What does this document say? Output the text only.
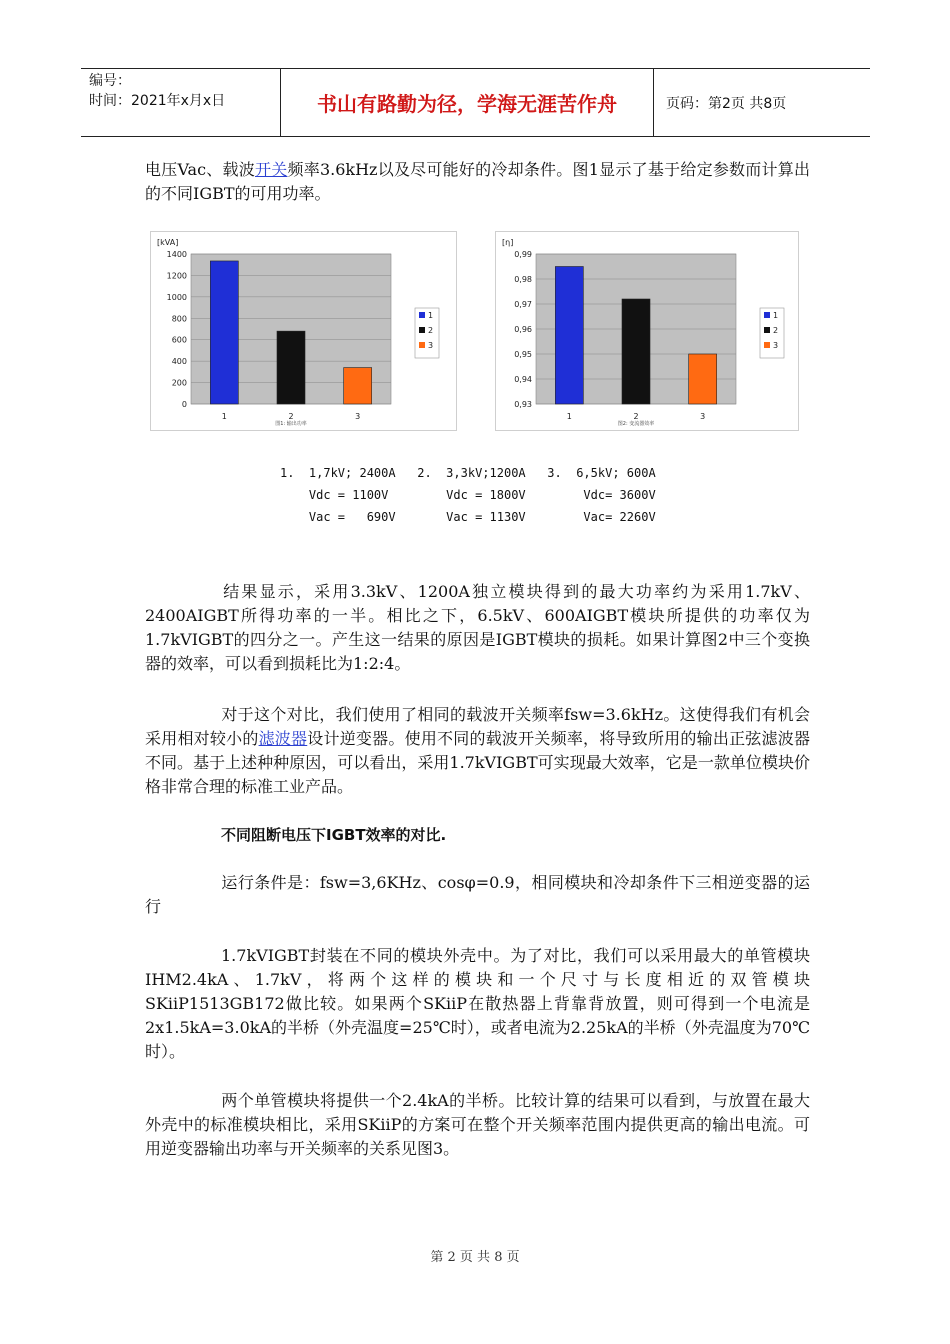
编号：
时间：2021年x月x日	书山有路勤为径，学海无涯苦作舟	页码：第2页 共8页

电压Vac、载波开关频率3.6kHz以及尽可能好的冷却条件。图1显示了基于给定参数而计算出的不同IGBT的可用功率。

[kVA]
0
200
400
600
800
1000
1200
1400
1	2	3
1
2
3
图1: 输出功率
[η]
0,93
0,94
0,95
0,96
0,97
0,98
0,99
1	2	3
1
2
3
图2: 变流器效率
1.  1,7kV; 2400A   2.  3,3kV;1200A   3.  6,5kV; 600A
Vdc = 1100V        Vdc = 1800V        Vdc= 3600V
Vac =   690V       Vac = 1130V        Vac= 2260V

结果显示，采用3.3kV、1200A独立模块得到的最大功率约为采用1.7kV、2400AIGBT所得功率的一半。相比之下，6.5kV、600AIGBT模块所提供的功率仅为1.7kVIGBT的四分之一。产生这一结果的原因是IGBT模块的损耗。如果计算图2中三个变换器的效率，可以看到损耗比为1:2:4。

对于这个对比，我们使用了相同的载波开关频率fsw=3.6kHz。这使得我们有机会采用相对较小的滤波器设计逆变器。使用不同的载波开关频率，将导致所用的输出正弦滤波器不同。基于上述种种原因，可以看出，采用1.7kVIGBT可实现最大效率，它是一款单位模块价格非常合理的标准工业产品。

不同阻断电压下IGBT效率的对比.

运行条件是：fsw=3,6KHz、cosφ=0.9，相同模块和冷却条件下三相逆变器的运行

1.7kVIGBT封装在不同的模块外壳中。为了对比，我们可以采用最大的单管模块IHM2.4kA、1.7kV，将两个这样的模块和一个尺寸与长度相近的双管模块SKiiP1513GB172做比较。如果两个SKiiP在散热器上背靠背放置，则可得到一个电流是2x1.5kA=3.0kA的半桥（外壳温度=25℃时），或者电流为2.25kA的半桥（外壳温度为70℃时）。

两个单管模块将提供一个2.4kA的半桥。比较计算的结果可以看到，与放置在最大外壳中的标准模块相比，采用SKiiP的方案可在整个开关频率范围内提供更高的输出电流。可用逆变器输出功率与开关频率的关系见图3。

第 2 页 共 8 页
